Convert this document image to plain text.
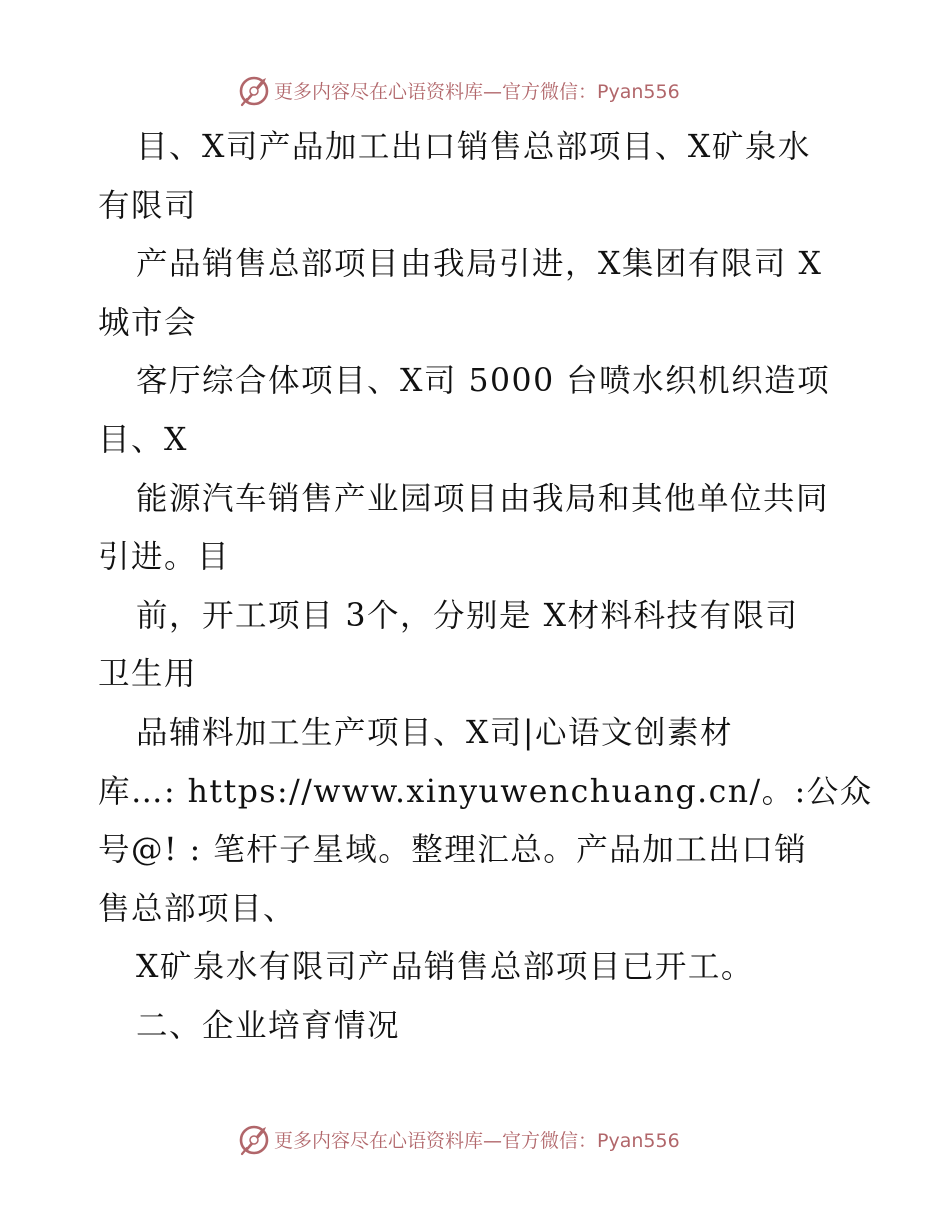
更多内容尽在心语资料库—官方微信：Pyan556
目、X司产品加工出口销售总部项目、X矿泉水
有限司
产品销售总部项目由我局引进，X集团有限司 X
城市会
客厅综合体项目、X司 5000 台喷水织机织造项
目、X
能源汽车销售产业园项目由我局和其他单位共同
引进。目
前，开工项目 3个，分别是 X材料科技有限司
卫生用
品辅料加工生产项目、X司|心语文创素材
库…: https://www.xinyuwenchuang.cn/。:公众
号@! : 笔杆子星域。整理汇总。产品加工出口销
售总部项目、
X矿泉水有限司产品销售总部项目已开工。
二、企业培育情况
更多内容尽在心语资料库—官方微信：Pyan556
